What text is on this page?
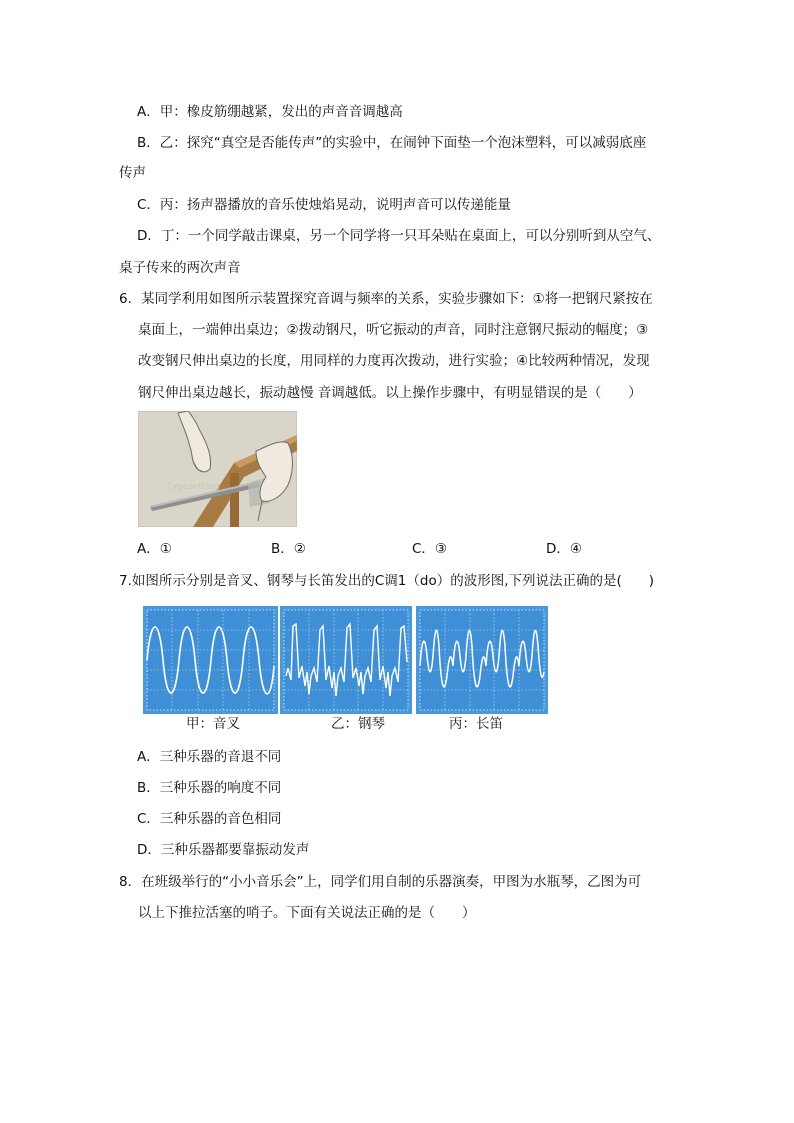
A．甲：橡皮筋绷越紧，发出的声音音调越高
B．乙：探究“真空是否能传声”的实验中，在闹钟下面垫一个泡沫塑料，可以减弱底座
传声
C．丙：扬声器播放的音乐使烛焰晃动，说明声音可以传递能量
D．丁：一个同学敲击课桌，另一个同学将一只耳朵贴在桌面上，可以分别听到从空气、
桌子传来的两次声音
6．某同学利用如图所示装置探究音调与频率的关系，实验步骤如下：①将一把钢尺紧按在
桌面上，一端伸出桌边；②拨动钢尺，听它振动的声音，同时注意钢尺振动的幅度；③
改变钢尺伸出桌边的长度，用同样的力度再次拨动，进行实验；④比较两种情况，发现
钢尺伸出桌边越长，振动越慢 音调越低。以上操作步骤中，有明显错误的是（　　）
Typesetting
A．①	B．②	C．③	D．④
7.如图所示分别是音叉、钢琴与长笛发出的C调1（do）的波形图,下列说法正确的是(　　)
甲：音叉	乙：钢琴	丙：长笛
A．三种乐器的音退不同
B．三种乐器的响度不同
C．三种乐器的音色相同
D．三种乐器都要靠振动发声
8．在班级举行的“小小音乐会”上，同学们用自制的乐器演奏，甲图为水瓶琴，乙图为可
以上下推拉活塞的哨子。下面有关说法正确的是（　　）
